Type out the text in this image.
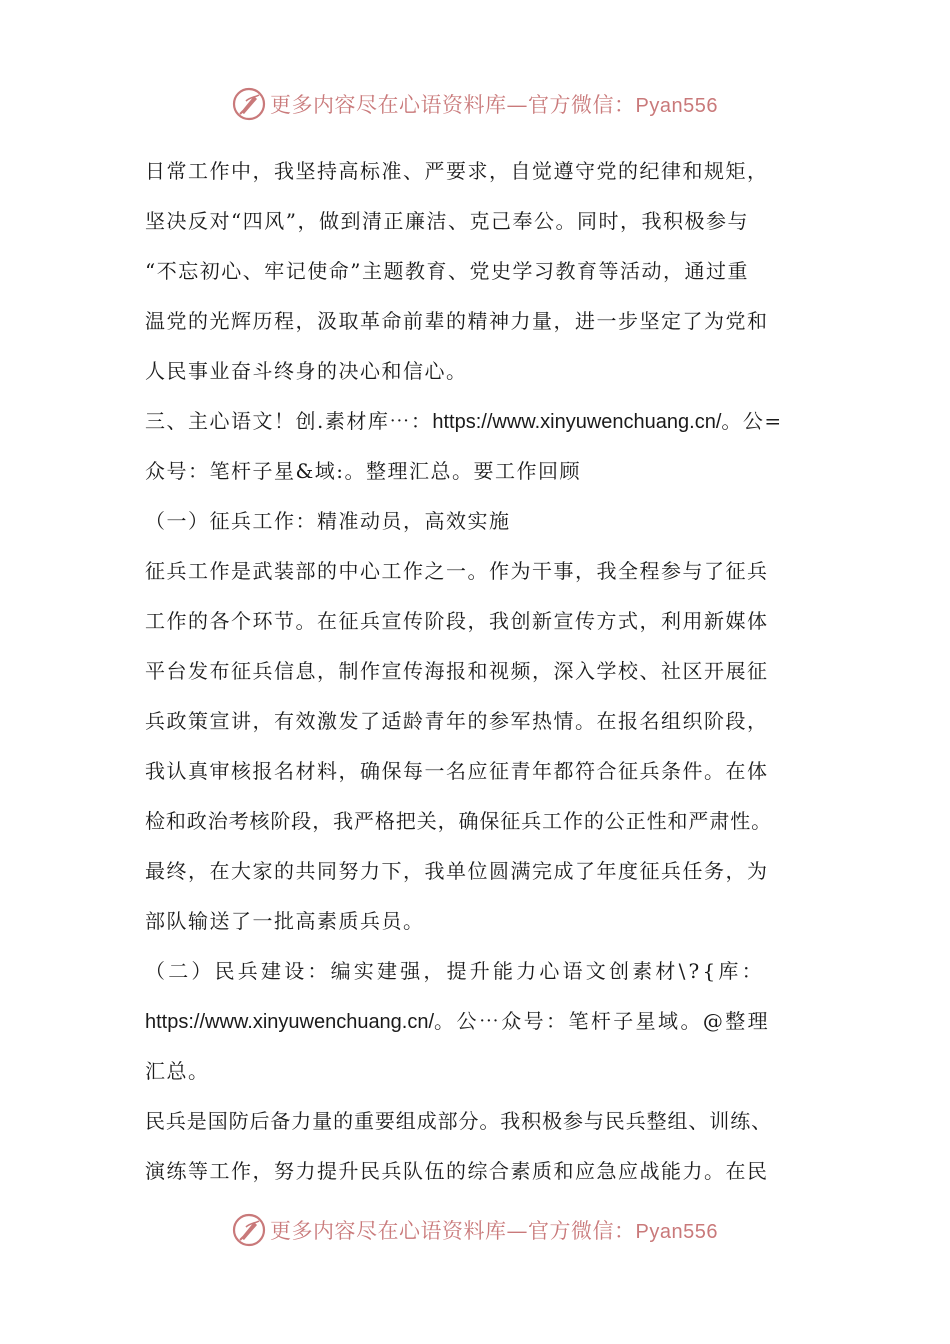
更多内容尽在心语资料库—官方微信：Pyan556
日常工作中，我坚持高标准、严要求，自觉遵守党的纪律和规矩，
坚决反对“四风”，做到清正廉洁、克己奉公。同时，我积极参与
“不忘初心、牢记使命”主题教育、党史学习教育等活动，通过重
温党的光辉历程，汲取革命前辈的精神力量，进一步坚定了为党和
人民事业奋斗终身的决心和信心。
三、主心语文！创.素材库⋯：https://www.xinyuwenchuang.cn/。公=
众号：笔杆子星&域:。整理汇总。要工作回顾
（一）征兵工作：精准动员，高效实施
征兵工作是武装部的中心工作之一。作为干事，我全程参与了征兵
工作的各个环节。在征兵宣传阶段，我创新宣传方式，利用新媒体
平台发布征兵信息，制作宣传海报和视频，深入学校、社区开展征
兵政策宣讲，有效激发了适龄青年的参军热情。在报名组织阶段，
我认真审核报名材料，确保每一名应征青年都符合征兵条件。在体
检和政治考核阶段，我严格把关，确保征兵工作的公正性和严肃性。
最终，在大家的共同努力下，我单位圆满完成了年度征兵任务，为
部队输送了一批高素质兵员。
（二）民兵建设：编实建强，提升能力心语文创素材\?{库：
https://www.xinyuwenchuang.cn/。公⋯众号：笔杆子星域。@整理
汇总。
民兵是国防后备力量的重要组成部分。我积极参与民兵整组、训练、
演练等工作，努力提升民兵队伍的综合素质和应急应战能力。在民
更多内容尽在心语资料库—官方微信：Pyan556
